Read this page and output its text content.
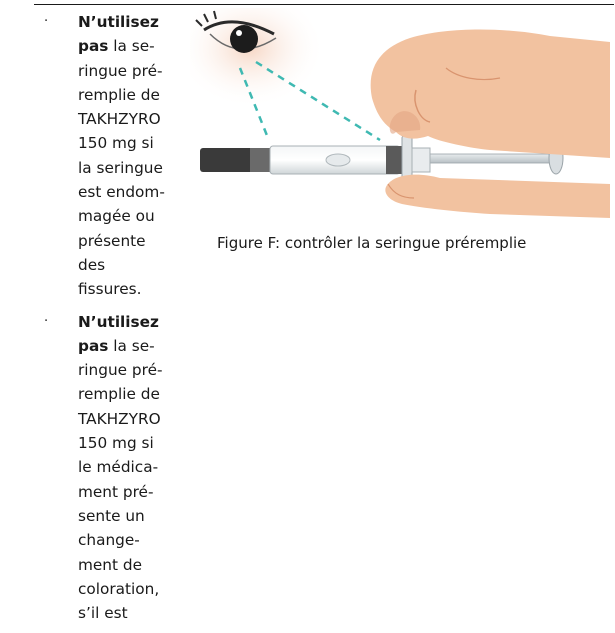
· N’utilisez
pas la se-
ringue pré-
remplie de
TAKHZYRO
150 mg si
la seringue
est endom-
magée ou
présente
des
fissures.
· N’utilisez
pas la se-
ringue pré-
remplie de
TAKHZYRO
150 mg si
le médica-
ment pré-
sente un
change-
ment de
coloration,
s’il est
Figure F: contrôler la seringue préremplie
